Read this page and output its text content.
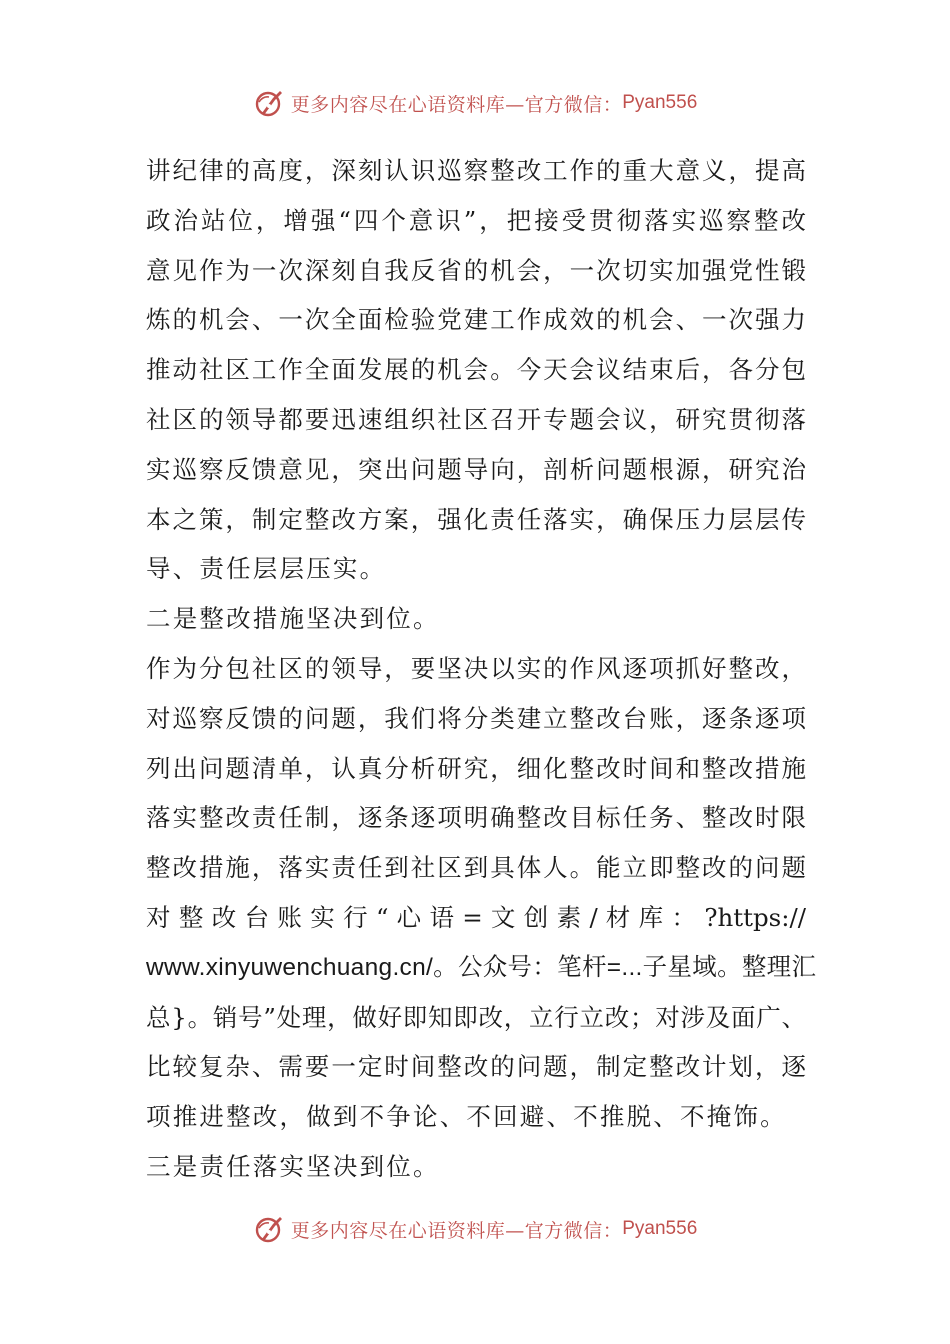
更多内容尽在心语资料库—官方微信： Pyan556
讲纪律的高度，深刻认识巡察整改工作的重大意义，提高
政治站位，增强“四个意识”，把接受贯彻落实巡察整改
意见作为一次深刻自我反省的机会，一次切实加强党性锻
炼的机会、一次全面检验党建工作成效的机会、一次强力
推动社区工作全面发展的机会。今天会议结束后，各分包
社区的领导都要迅速组织社区召开专题会议，研究贯彻落
实巡察反馈意见，突出问题导向，剖析问题根源，研究治
本之策，制定整改方案，强化责任落实，确保压力层层传
导、责任层层压实。
二是整改措施坚决到位。
作为分包社区的领导，要坚决以实的作风逐项抓好整改，
对巡察反馈的问题，我们将分类建立整改台账，逐条逐项
列出问题清单，认真分析研究，细化整改时间和整改措施
落实整改责任制，逐条逐项明确整改目标任务、整改时限
整改措施，落实责任到社区到具体人。能立即整改的问题
对 整 改 台 账 实 行 “ 心 语 = 文 创 素 / 材 库 ： ?https://
www.xinyuwenchuang.cn/。公众号：笔杆=...子星域。整理汇
总}。销号”处理，做好即知即改，立行立改；对涉及面广、
比较复杂、需要一定时间整改的问题，制定整改计划，逐
项推进整改，做到不争论、不回避、不推脱、不掩饰。
三是责任落实坚决到位。
更多内容尽在心语资料库—官方微信： Pyan556
